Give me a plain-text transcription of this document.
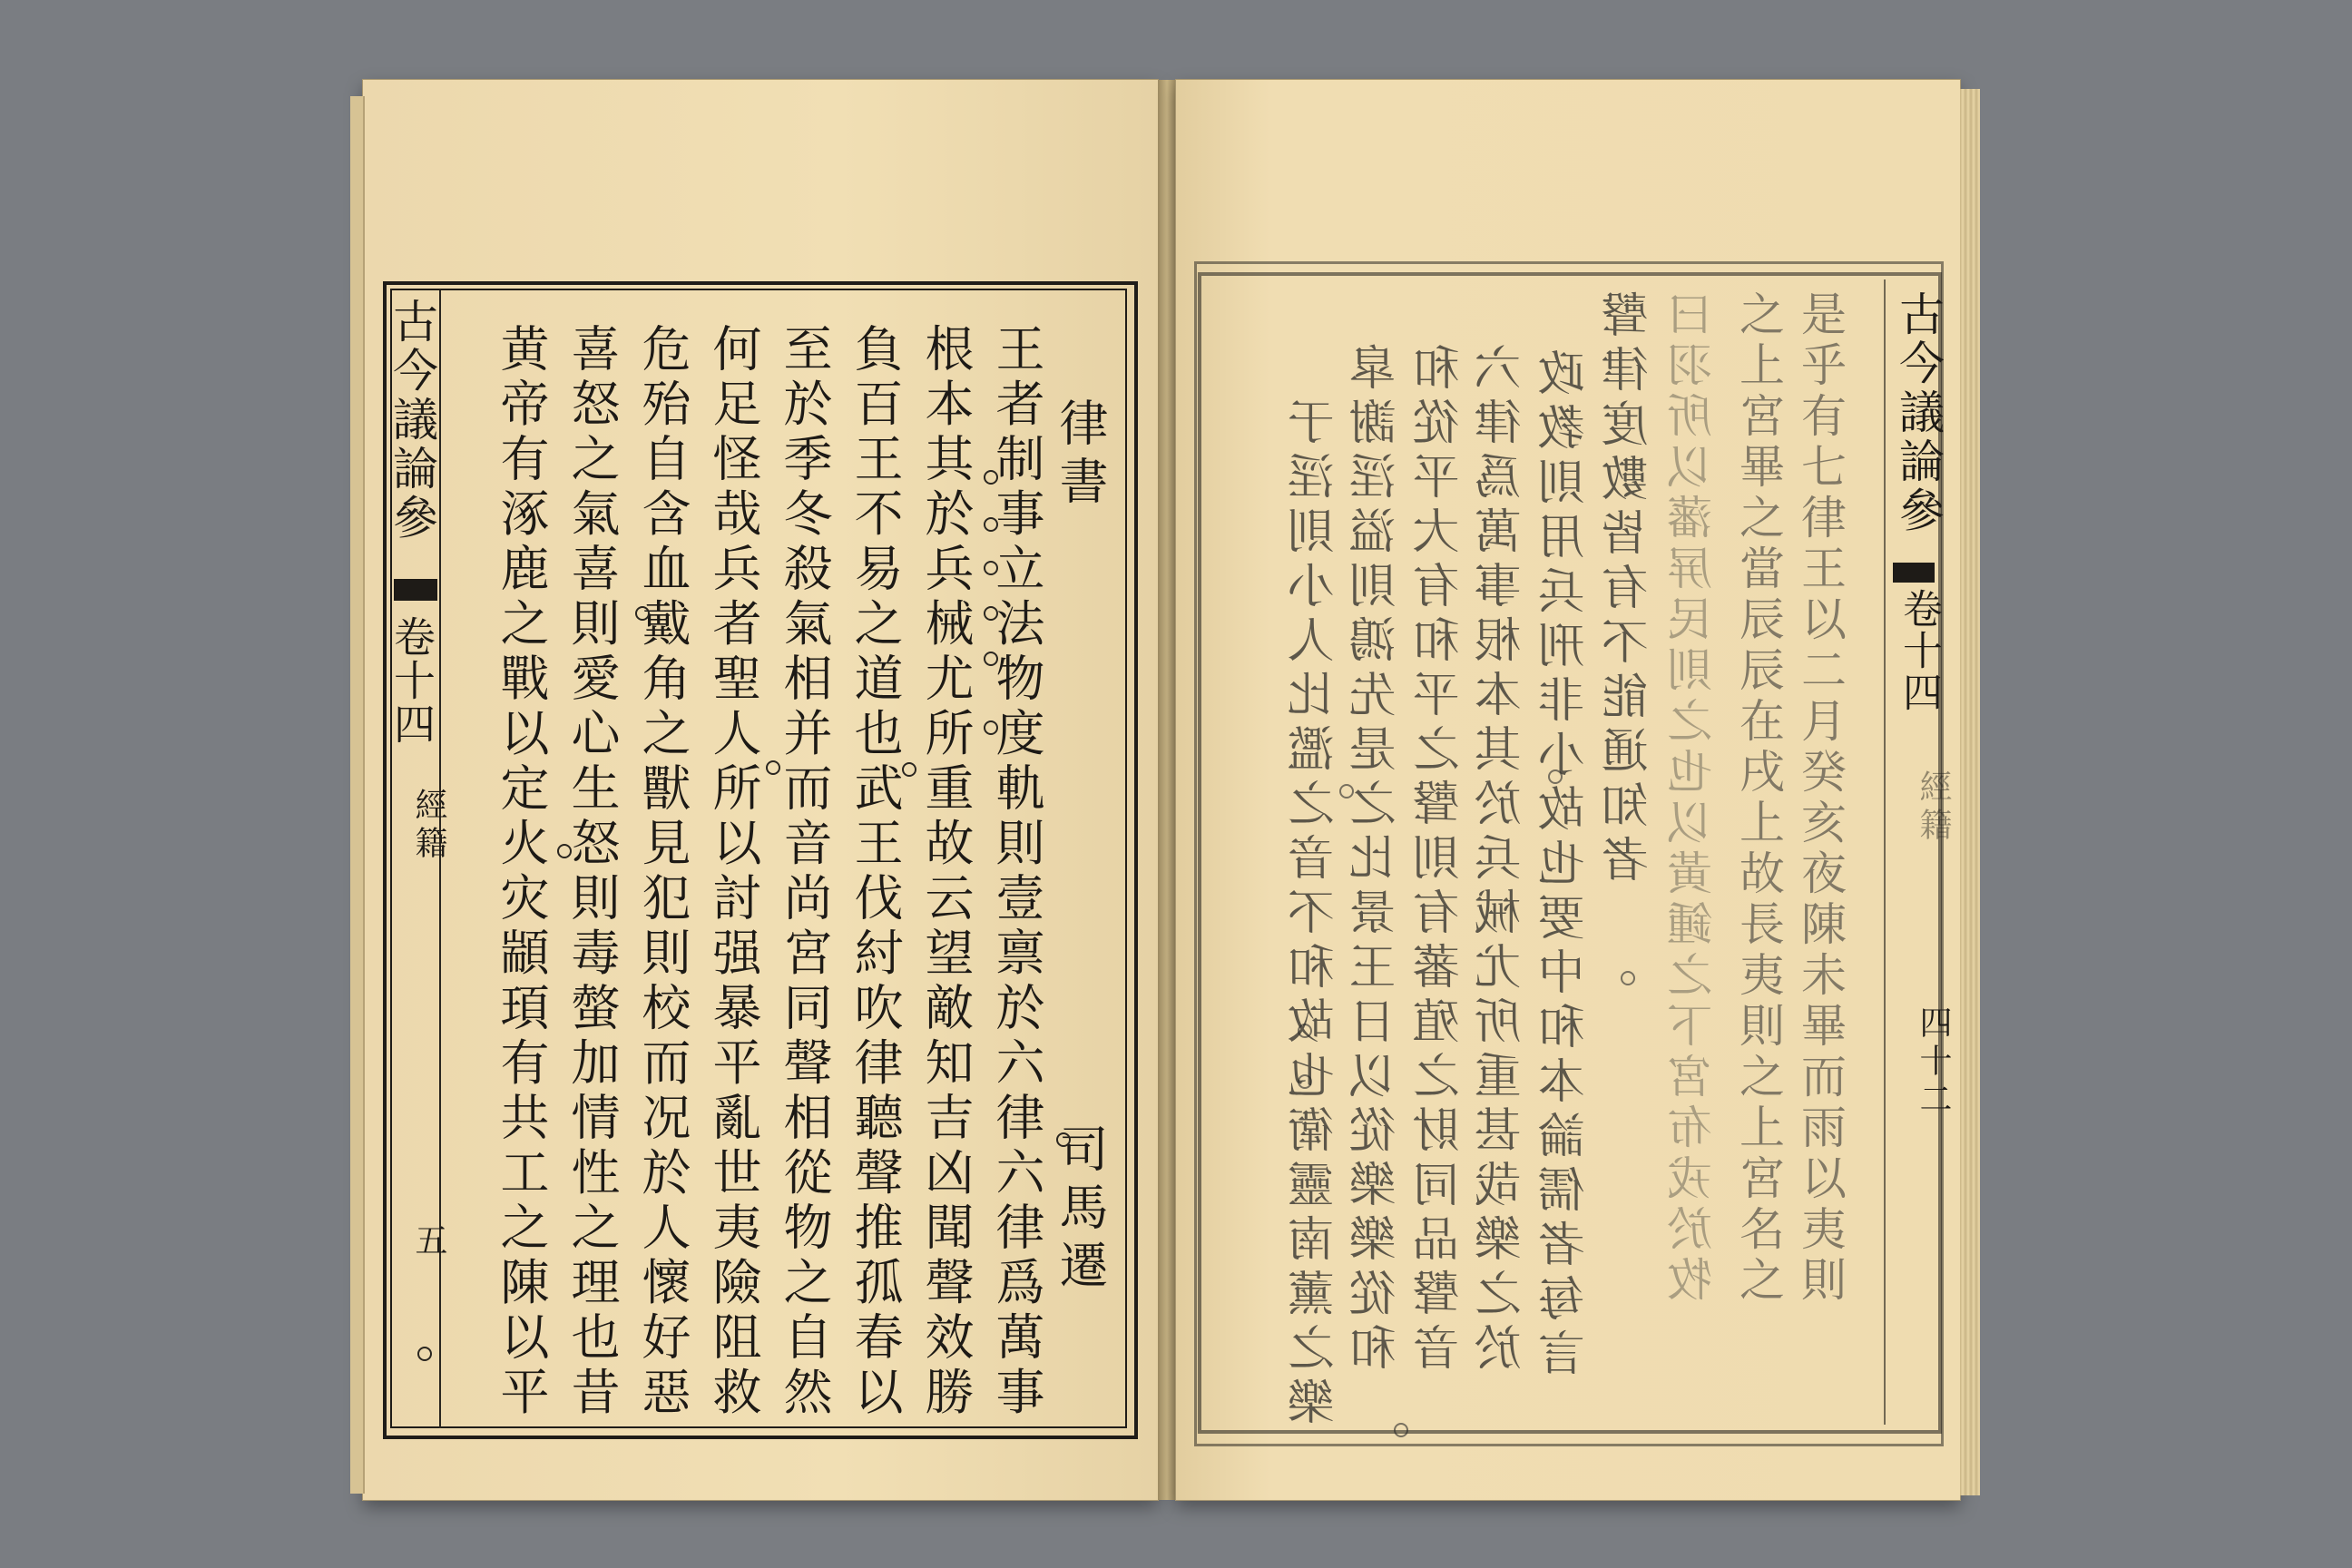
古今議論參
卷十四
經籍
五
律書
司馬遷
王者制事立法物度軌則壹禀於六律六律爲萬事
根本其於兵械尤所重故云望敵知吉凶聞聲效勝
負百王不易之道也武王伐紂吹律聽聲推孤春以
至於季冬殺氣相并而音尚宮同聲相從物之自然
何足怪哉兵者聖人所以討强暴平亂世夷險阻救
危殆自含血戴角之獸見犯則校而况於人懷好惡
喜怒之氣喜則愛心生怒則毒螫加情性之理也昔
黄帝有涿鹿之戰以定火灾顓頊有共工之陳以平	古今議論參
卷十四
經籍
四十二
是乎有七律王以二月癸亥夜陳未畢而雨以夷則
之上宮畢之當辰辰在戌上故長夷則之上宮名之
曰羽所以藩屏民則之也以黃鍾之下宮布戎於牧
聲律度數皆有不能通知者
政教則用兵刑非小故也要中和本論儒者每言
六律爲萬事根本其於兵械尤所重甚哉樂之於
和從平大有和平之聲則有蕃殖之財同品聲音
皐謝淫溢則鴻先是之比景王日以從樂樂從和
于淫則小人比濫之音不和故也衛靈南薰之樂
